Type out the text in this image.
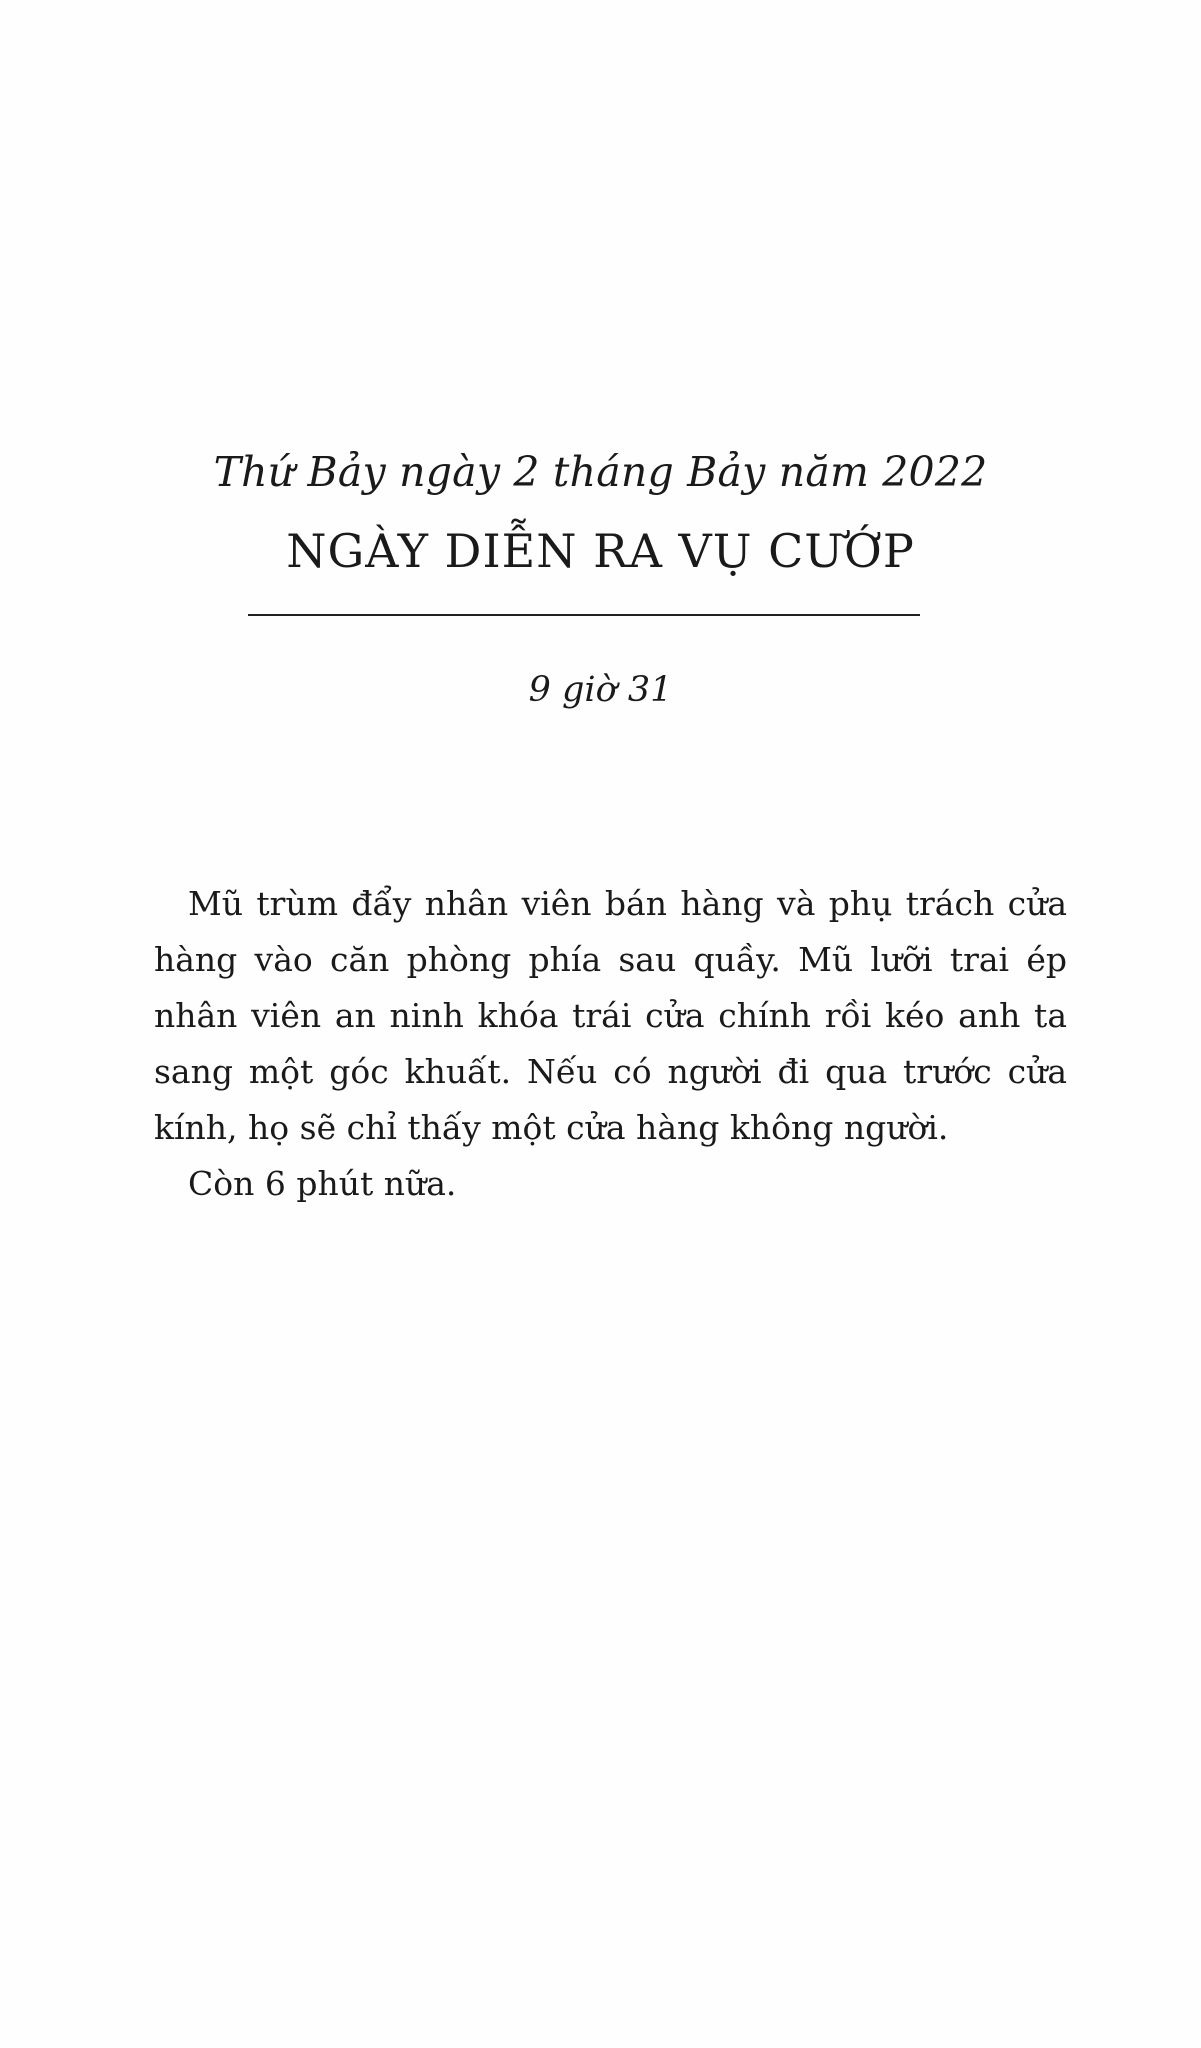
Thứ Bảy ngày 2 tháng Bảy năm 2022
NGÀY DIỄN RA VỤ CƯỚP
9 giờ 31

Mũ trùm đẩy nhân viên bán hàng và phụ trách cửa hàng vào căn phòng phía sau quầy. Mũ lưỡi trai ép nhân viên an ninh khóa trái cửa chính rồi kéo anh ta sang một góc khuất. Nếu có người đi qua trước cửa kính, họ sẽ chỉ thấy một cửa hàng không người.

Còn 6 phút nữa.
